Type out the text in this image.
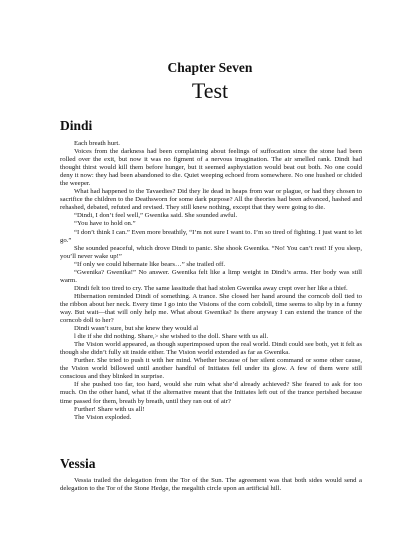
Chapter Seven
Test
Dindi

Each breath hurt.

Voices from the darkness had been complaining about feelings of suffocation since the stone had been rolled over the exit, but now it was no figment of a nervous imagination. The air smelled rank. Dindi had thought thirst would kill them before hunger, but it seemed asphyxiation would beat out both. No one could deny it now: they had been abandoned to die. Quiet weeping echoed from somewhere. No one hushed or chided the weeper.

What had happened to the Tavaedies? Did they lie dead in heaps from war or plague, or had they chosen to sacrifice the children to the Deathsworn for some dark purpose? All the theories had been advanced, hashed and rehashed, debated, refuted and revised. They still knew nothing, except that they were going to die.

“Dindi, I don’t feel well,” Gwenika said. She sounded awful.

“You have to hold on.”

“I don’t think I can.” Even more breathily, “I’m not sure I want to. I’m so tired of fighting. I just want to let go.”

She sounded peaceful, which drove Dindi to panic. She shook Gwenika. “No! You can’t rest! If you sleep, you’ll never wake up!”

“If only we could hibernate like bears…” she trailed off.

“Gwenika? Gwenika!” No answer. Gwenika felt like a limp weight in Dindi’s arms. Her body was still warm.

Dindi felt too tired to cry. The same lassitude that had stolen Gwenika away crept over her like a thief.

Hibernation reminded Dindi of something. A trance. She closed her hand around the corncob doll tied to the ribbon about her neck. Every time I go into the Visions of the corn cobdoll, time seems to slip by in a funny way. But wait—that will only help me. What about Gwenika? Is there anyway I can extend the trance of the corncob doll to her?

Dindi wasn’t sure, but she knew they would al

l die if she did nothing. Share,> she wished to the doll. Share with us all.

The Vision world appeared, as though superimposed upon the real world. Dindi could see both, yet it felt as though she didn’t fully sit inside either. The Vision world extended as far as Gwenika.

Further. She tried to push it with her mind. Whether because of her silent command or some other cause, the Vision world billowed until another handful of Initiates fell under its glow. A few of them were still conscious and they blinked in surprise.

If she pushed too far, too hard, would she ruin what she’d already achieved? She feared to ask for too much. On the other hand, what if the alternative meant that the Initiates left out of the trance perished because time passed for them, breath by breath, until they ran out of air?

Further! Share with us all!

The Vision exploded.

Vessia

Vessia trailed the delegation from the Tor of the Sun. The agreement was that both sides would send a delegation to the Tor of the Stone Hedge, the megalith circle upon an artificial hill.
